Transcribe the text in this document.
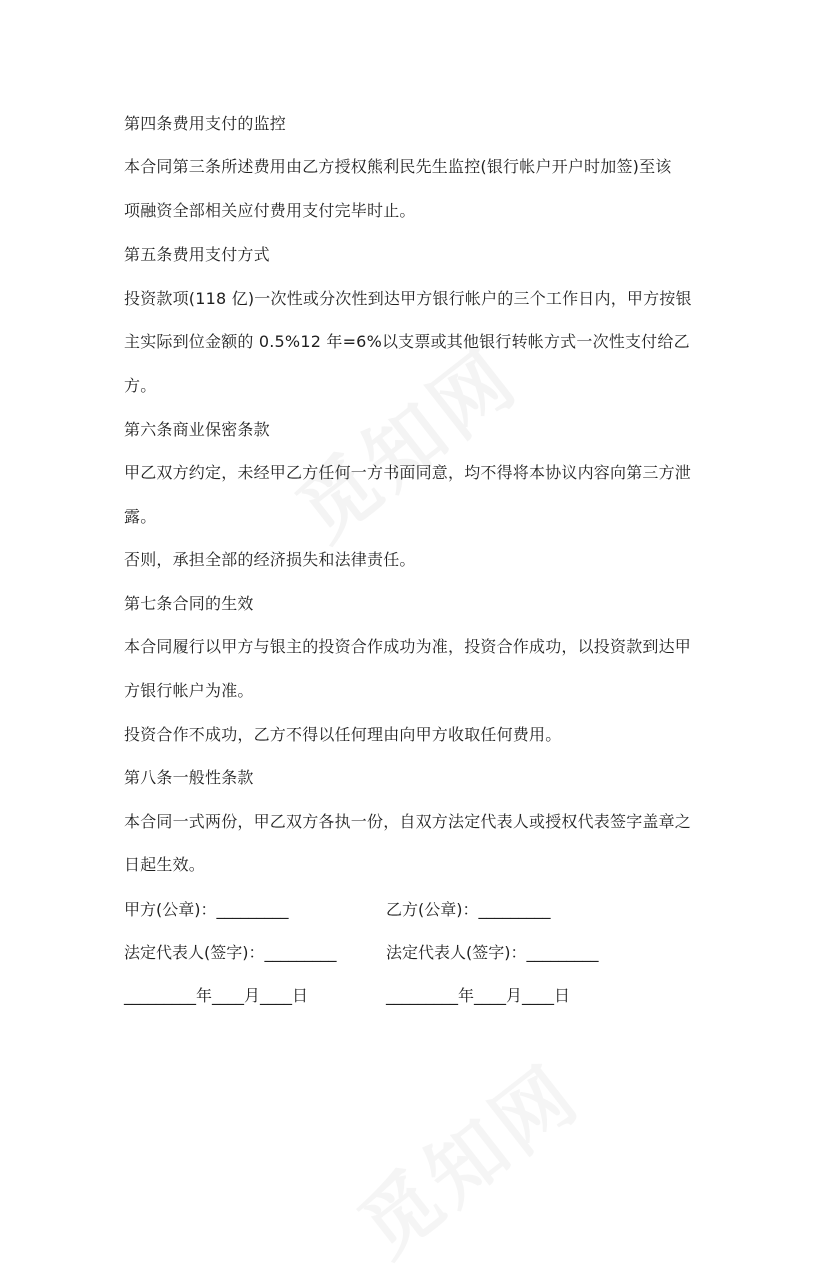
第四条费用支付的监控
本合同第三条所述费用由乙方授权熊利民先生监控(银行帐户开户时加签)至该
项融资全部相关应付费用支付完毕时止。
第五条费用支付方式
投资款项(118 亿)一次性或分次性到达甲方银行帐户的三个工作日内，甲方按银
主实际到位金额的 0.5%12 年=6%以支票或其他银行转帐方式一次性支付给乙
方。
第六条商业保密条款
甲乙双方约定，未经甲乙方任何一方书面同意，均不得将本协议内容向第三方泄
露。
否则，承担全部的经济损失和法律责任。
第七条合同的生效
本合同履行以甲方与银主的投资合作成功为准，投资合作成功，以投资款到达甲
方银行帐户为准。
投资合作不成功，乙方不得以任何理由向甲方收取任何费用。
第八条一般性条款
本合同一式两份，甲乙双方各执一份，自双方法定代表人或授权代表签字盖章之
日起生效。
甲方(公章)：_________	乙方(公章)：_________
法定代表人(签字)：_________	法定代表人(签字)：_________
_________年____月____日	_________年____月____日
